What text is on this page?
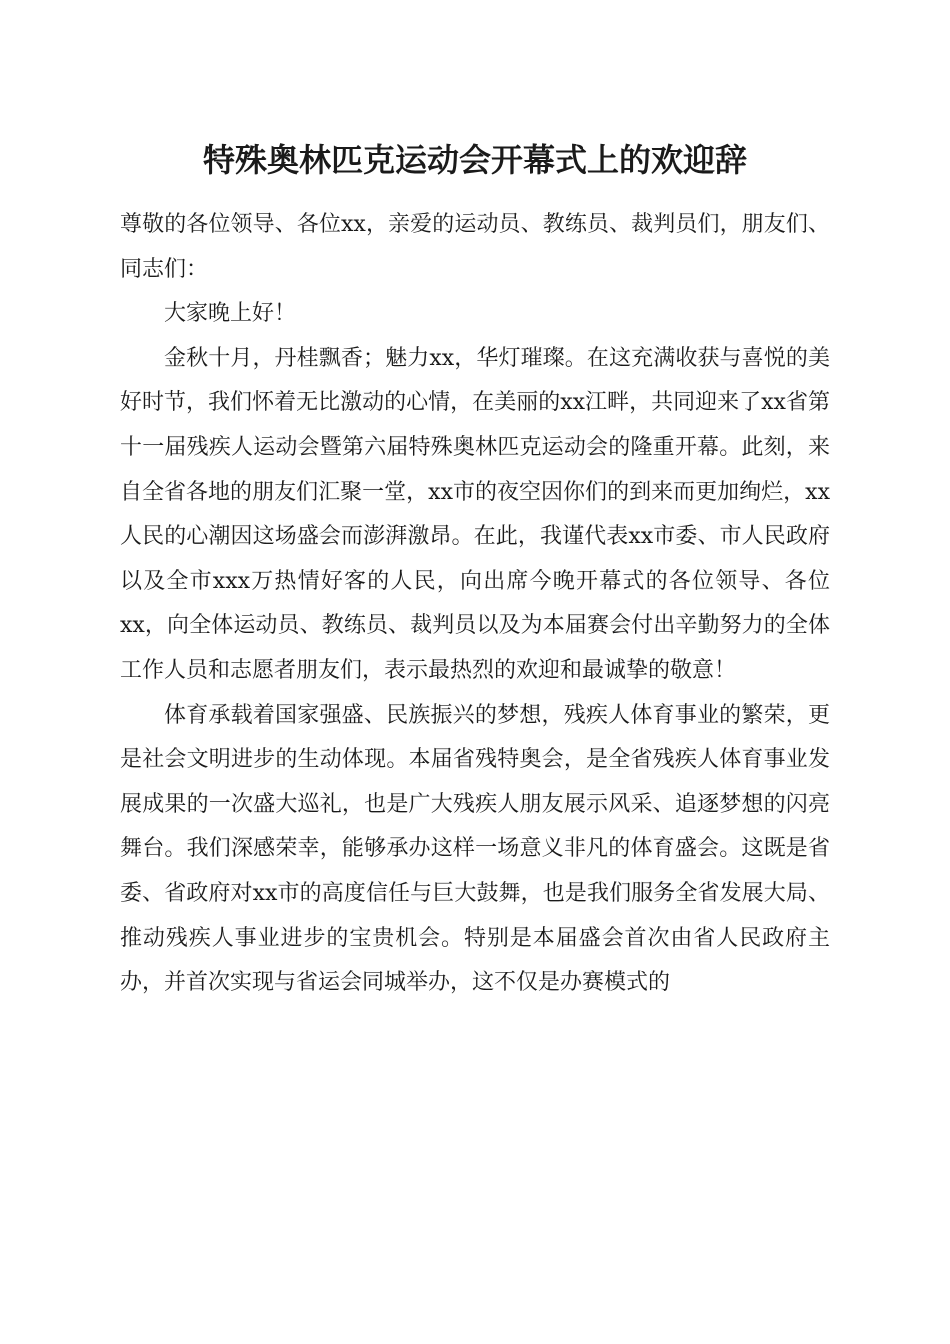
特殊奥林匹克运动会开幕式上的欢迎辞

尊敬的各位领导、各位xx，亲爱的运动员、教练员、裁判员们，朋友们、同志们：

大家晚上好！

金秋十月，丹桂飘香；魅力xx，华灯璀璨。在这充满收获与喜悦的美好时节，我们怀着无比激动的心情，在美丽的xx江畔，共同迎来了xx省第十一届残疾人运动会暨第六届特殊奥林匹克运动会的隆重开幕。此刻，来自全省各地的朋友们汇聚一堂，xx市的夜空因你们的到来而更加绚烂，xx人民的心潮因这场盛会而澎湃激昂。在此，我谨代表xx市委、市人民政府以及全市xxx万热情好客的人民，向出席今晚开幕式的各位领导、各位xx，向全体运动员、教练员、裁判员以及为本届赛会付出辛勤努力的全体工作人员和志愿者朋友们，表示最热烈的欢迎和最诚挚的敬意！

体育承载着国家强盛、民族振兴的梦想，残疾人体育事业的繁荣，更是社会文明进步的生动体现。本届省残特奥会，是全省残疾人体育事业发展成果的一次盛大巡礼，也是广大残疾人朋友展示风采、追逐梦想的闪亮舞台。我们深感荣幸，能够承办这样一场意义非凡的体育盛会。这既是省委、省政府对xx市的高度信任与巨大鼓舞，也是我们服务全省发展大局、推动残疾人事业进步的宝贵机会。特别是本届盛会首次由省人民政府主办，并首次实现与省运会同城举办，这不仅是办赛模式的
